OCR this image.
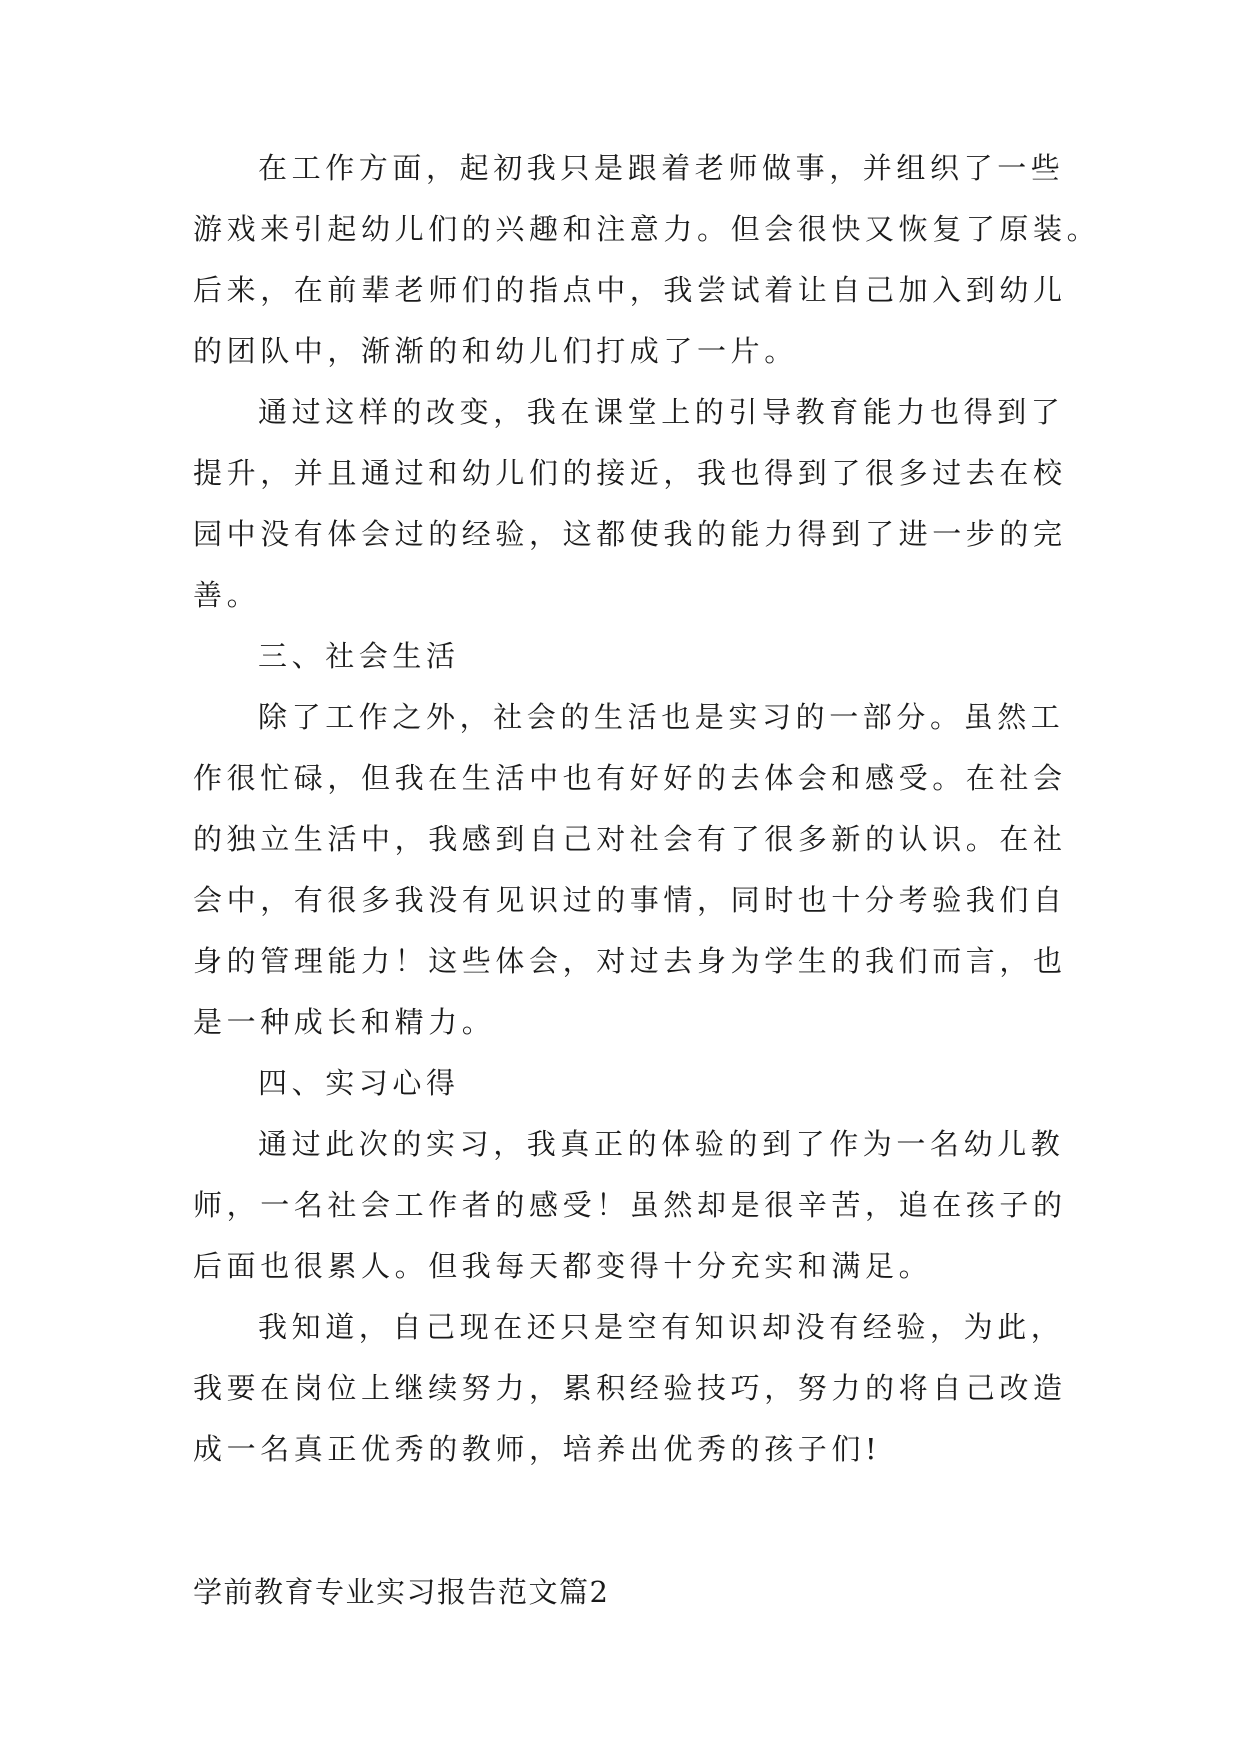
在工作方面，起初我只是跟着老师做事，并组织了一些

游戏来引起幼儿们的兴趣和注意力。但会很快又恢复了原装。

后来，在前辈老师们的指点中，我尝试着让自己加入到幼儿

的团队中，渐渐的和幼儿们打成了一片。

通过这样的改变，我在课堂上的引导教育能力也得到了

提升，并且通过和幼儿们的接近，我也得到了很多过去在校

园中没有体会过的经验，这都使我的能力得到了进一步的完

善。

三、社会生活

除了工作之外，社会的生活也是实习的一部分。虽然工

作很忙碌，但我在生活中也有好好的去体会和感受。在社会

的独立生活中，我感到自己对社会有了很多新的认识。在社

会中，有很多我没有见识过的事情，同时也十分考验我们自

身的管理能力！这些体会，对过去身为学生的我们而言，也

是一种成长和精力。

四、实习心得

通过此次的实习，我真正的体验的到了作为一名幼儿教

师，一名社会工作者的感受！虽然却是很辛苦，追在孩子的

后面也很累人。但我每天都变得十分充实和满足。

我知道，自己现在还只是空有知识却没有经验，为此，

我要在岗位上继续努力，累积经验技巧，努力的将自己改造

成一名真正优秀的教师，培养出优秀的孩子们!

学前教育专业实习报告范文篇2
